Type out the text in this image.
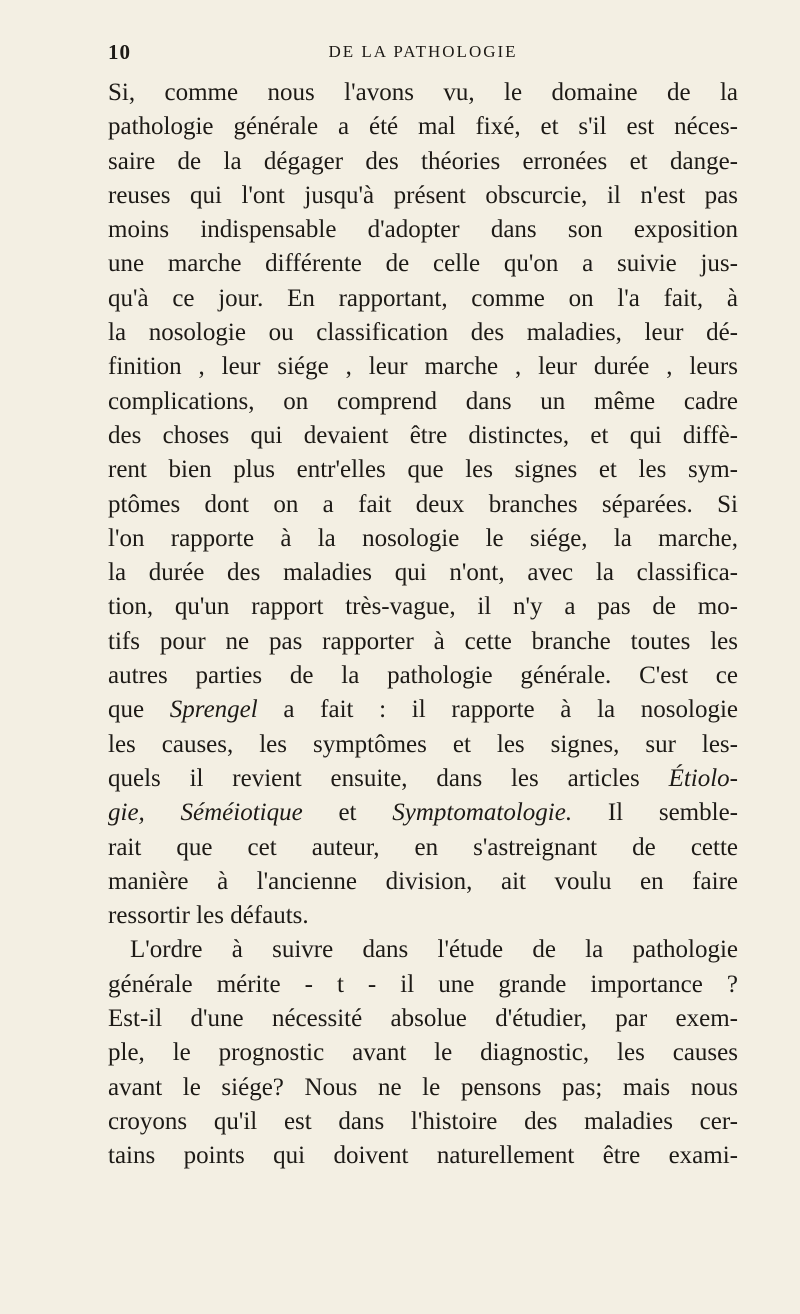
10	DE LA PATHOLOGIE
Si, comme nous l'avons vu, le domaine de la
pathologie générale a été mal fixé, et s'il est néces-
saire de la dégager des théories erronées et dange-
reuses qui l'ont jusqu'à présent obscurcie, il n'est pas
moins indispensable d'adopter dans son exposition
une marche différente de celle qu'on a suivie jus-
qu'à ce jour. En rapportant, comme on l'a fait, à
la nosologie ou classification des maladies, leur dé-
finition , leur siége , leur marche , leur durée , leurs
complications, on comprend dans un même cadre
des choses qui devaient être distinctes, et qui diffè-
rent bien plus entr'elles que les signes et les sym-
ptômes dont on a fait deux branches séparées. Si
l'on rapporte à la nosologie le siége, la marche,
la durée des maladies qui n'ont, avec la classifica-
tion, qu'un rapport très-vague, il n'y a pas de mo-
tifs pour ne pas rapporter à cette branche toutes les
autres parties de la pathologie générale. C'est ce
que Sprengel a fait : il rapporte à la nosologie
les causes, les symptômes et les signes, sur les-
quels il revient ensuite, dans les articles Étiolo-
gie, Séméiotique et Symptomatologie. Il semble-
rait que cet auteur, en s'astreignant de cette
manière à l'ancienne division, ait voulu en faire
ressortir les défauts.
L'ordre à suivre dans l'étude de la pathologie
générale mérite - t - il une grande importance ?
Est-il d'une nécessité absolue d'étudier, par exem-
ple, le prognostic avant le diagnostic, les causes
avant le siége? Nous ne le pensons pas; mais nous
croyons qu'il est dans l'histoire des maladies cer-
tains points qui doivent naturellement être exami-
